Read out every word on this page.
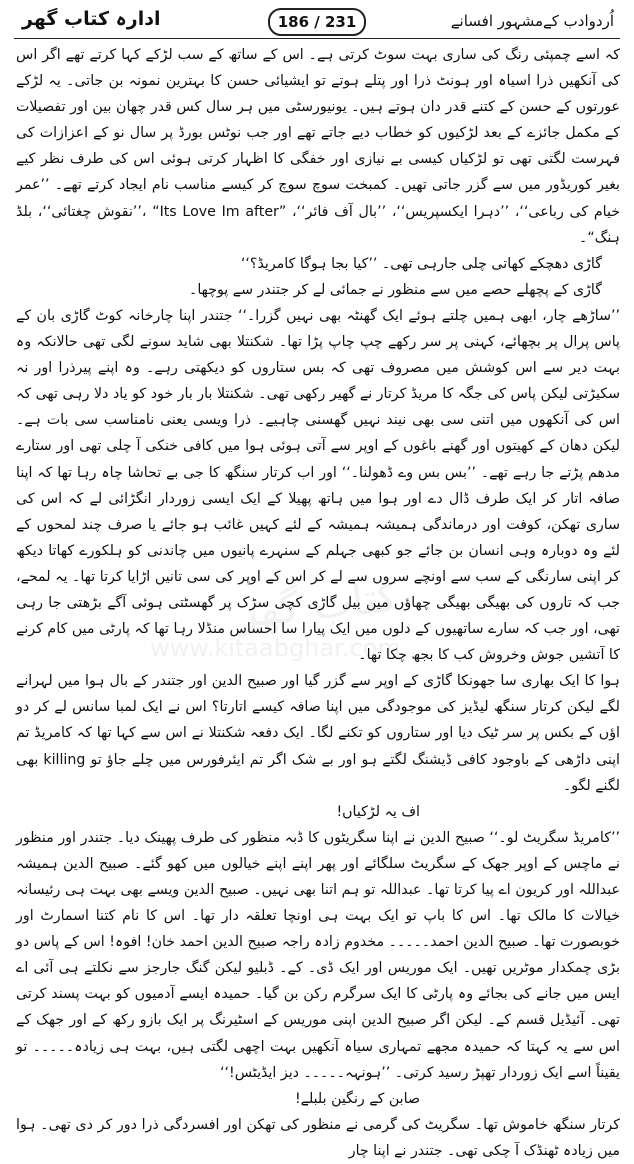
ادارہ کتاب گھر	186 / 231	اُردوادب کےمشہور افسانے
کتاب گھر
www.kitaabghar.com

کہ اسے چمپئی رنگ کی ساری بہت سوٹ کرتی ہے۔ اس کے ساتھ کے سب لڑکے کہا کرتے تھے اگر اس کی آنکھیں ذرا اسیاہ اور ہونٹ ذرا اور پتلے ہوتے تو ایشیائی حسن کا بہترین نمونہ بن جاتی۔ یہ لڑکے عورتوں کے حسن کے کتنے قدر دان ہوتے ہیں۔ یونیورسٹی میں ہر سال کس قدر چھان بین اور تفصیلات کے مکمل جائزے کے بعد لڑکیوں کو خطاب دیے جاتے تھے اور جب نوٹس بورڈ پر سال نو کے اعزازات کی فہرست لگتی تھی تو لڑکیاں کیسی بے نیازی اور خفگی کا اظہار کرتی ہوئی اس کی طرف نظر کیے بغیر کوریڈور میں سے گزر جاتی تھیں۔ کمبخت سوچ سوچ کر کیسے مناسب نام ایجاد کرتے تھے۔ ’’عمر خیام کی رباعی‘‘، ’’دہرا ایکسپریس‘‘، ’’بال آف فائر‘‘، ”Its Love Im after“ ،’’نقوش چغتائی‘‘، بلڈ ہنگ“۔

گاڑی دھچکے کھاتی چلی جارہی تھی۔ ’’کیا بجا ہوگا کامریڈ؟‘‘

گاڑی کے پچھلے حصے میں سے منظور نے جمائی لے کر جتندر سے پوچھا۔

’’ساڑھے چار، ابھی ہمیں چلتے ہوئے ایک گھنٹہ بھی نہیں گزرا۔‘‘ جتندر اپنا چارخانہ کوٹ گاڑی بان کے پاس پرال پر بچھائے، کہنی پر سر رکھے چپ چاپ پڑا تھا۔ شکنتلا بھی شاید سونے لگی تھی حالانکہ وہ بہت دیر سے اس کوشش میں مصروف تھی کہ بس ستاروں کو دیکھتی رہے۔ وہ اپنے پیرذرا اور نہ سکیڑتی لیکن پاس کی جگہ کا مریڈ کرتار نے گھیر رکھی تھی۔ شکنتلا بار بار خود کو یاد دلا رہی تھی کہ اس کی آنکھوں میں اتنی سی بھی نیند نہیں گھسنی چاہیے۔ ذرا ویسی یعنی نامناسب سی بات ہے۔ لیکن دھان کے کھیتوں اور گھنے باغوں کے اوپر سے آتی ہوئی ہوا میں کافی خنکی آ چلی تھی اور ستارے مدھم پڑتے جا رہے تھے۔ ’’بس بس وے ڈھولنا۔‘‘ اور اب کرتار سنگھ کا جی بے تحاشا چاہ رہا تھا کہ اپنا صافہ اتار کر ایک طرف ڈال دے اور ہوا میں ہاتھ پھیلا کے ایک ایسی زوردار انگڑائی لے کہ اس کی ساری تھکن، کوفت اور درماندگی ہمیشہ ہمیشہ کے لئے کہیں غائب ہو جائے یا صرف چند لمحوں کے لئے وہ دوبارہ وہی انسان بن جائے جو کبھی جہلم کے سنہرے پانیوں میں چاندنی کو ہلکورے کھاتا دیکھ کر اپنی سارنگی کے سب سے اونچے سروں سے لے کر اس کے اوپر کی سی تانیں اڑایا کرتا تھا۔ یہ لمحے، جب کہ تاروں کی بھیگی بھیگی چھاؤں میں بیل گاڑی کچی سڑک پر گھسٹتی ہوئی آگے بڑھتی جا رہی تھی، اور جب کہ سارے ساتھیوں کے دلوں میں ایک پیارا سا احساس منڈلا رہا تھا کہ پارٹی میں کام کرنے کا آتشیں جوش وخروش کب کا بجھ چکا تھا۔

ہوا کا ایک بھاری سا جھونکا گاڑی کے اوپر سے گزر گیا اور صبیح الدین اور جتندر کے بال ہوا میں لہرانے لگے لیکن کرتار سنگھ لیڈیز کی موجودگی میں اپنا صافہ کیسے اتارتا؟ اس نے ایک لمبا سانس لے کر دو اؤں کے بکس پر سر ٹیک دیا اور ستاروں کو تکنے لگا۔ ایک دفعہ شکنتلا نے اس سے کہا تھا کہ کامریڈ تم اپنی داڑھی کے باوجود کافی ڈیشنگ لگتے ہو اور بے شک اگر تم ایئرفورس میں چلے جاؤ تو killing بھی لگنے لگو۔

اف یہ لڑکیاں!

’’کامریڈ سگریٹ لو۔‘‘ صبیح الدین نے اپنا سگریٹوں کا ڈبہ منظور کی طرف پھینک دیا۔ جتندر اور منظور نے ماچس کے اوپر جھک کے سگریٹ سلگائے اور پھر اپنے اپنے خیالوں میں کھو گئے۔ صبیح الدین ہمیشہ عبداللہ اور کریون اے پیا کرتا تھا۔ عبداللہ تو ہم اتنا بھی نہیں۔ صبیح الدین ویسے بھی بہت ہی رئیسانہ خیالات کا مالک تھا۔ اس کا باپ تو ایک بہت ہی اونچا تعلقہ دار تھا۔ اس کا نام کتنا اسمارٹ اور خوبصورت تھا۔ صبیح الدین احمد۔۔۔۔۔ مخدوم زادہ راجہ صبیح الدین احمد خان! افوہ! اس کے پاس دو بڑی چمکدار موٹریں تھیں۔ ایک موریس اور ایک ڈی۔ کے۔ ڈبلیو لیکن گنگ جارجز سے نکلتے ہی آئی اے ایس میں جانے کی بجائے وہ پارٹی کا ایک سرگرم رکن بن گیا۔ حمیدہ ایسے آدمیوں کو بہت پسند کرتی تھی۔ آئیڈیل قسم کے۔ لیکن اگر صبیح الدین اپنی موریس کے اسٹیرنگ پر ایک بازو رکھ کے اور جھک کے اس سے یہ کہتا کہ حمیدہ مجھے تمہاری سیاہ آنکھیں بہت اچھی لگتی ہیں، بہت ہی زیادہ۔۔۔۔۔ تو یقیناً اسے ایک زوردار تھپڑ رسید کرتی۔ ’’ہونہہ۔۔۔۔۔ دیز ایڈیٹس!‘‘

صابن کے رنگین بلبلے!

کرتار سنگھ خاموش تھا۔ سگریٹ کی گرمی نے منظور کی تھکن اور افسردگی ذرا دور کر دی تھی۔ ہوا میں زیادہ ٹھنڈک آ چکی تھی۔ جتندر نے اپنا چار
